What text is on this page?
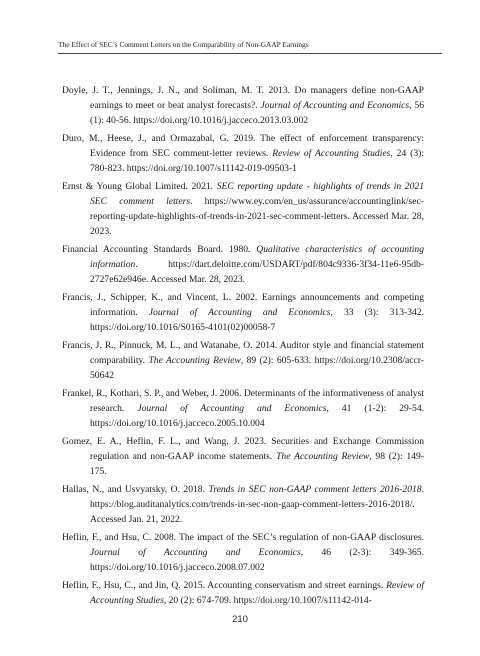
The Effect of SEC’s Comment Letters on the Comparability of Non-GAAP Earnings

Doyle, J. T., Jennings, J. N., and Soliman, M. T. 2013. Do managers define non-GAAP earnings to meet or beat analyst forecasts?. Journal of Accounting and Economics, 56 (1): 40-56. https://doi.org/10.1016/j.jacceco.2013.03.002

Duro, M., Heese, J., and Ormazabal, G. 2019. The effect of enforcement transparency: Evidence from SEC comment-letter reviews. Review of Accounting Studies, 24 (3): 780-823. https://doi.org/10.1007/s11142-019-09503-1

Ernst & Young Global Limited. 2021. SEC reporting update - highlights of trends in 2021 SEC comment letters. https://www.ey.com/en_us/assurance/accountinglink/sec-reporting-update-highlights-of-trends-in-2021-sec-comment-letters. Accessed Mar. 28, 2023.

Financial Accounting Standards Board. 1980. Qualitative characteristics of accounting information. https://dart.deloitte.com/USDART/pdf/804c9336-3f34-11e6-95db-2727e62e946e. Accessed Mar. 28, 2023.

Francis, J., Schipper, K., and Vincent, L. 2002. Earnings announcements and competing information. Journal of Accounting and Economics, 33 (3): 313-342. https://doi.org/10.1016/S0165-4101(02)00058-7

Francis, J. R., Pinnuck, M. L., and Watanabe, O. 2014. Auditor style and financial statement comparability. The Accounting Review, 89 (2): 605-633. https://doi.org/10.2308/accr-50642

Frankel, R., Kothari, S. P., and Weber, J. 2006. Determinants of the informativeness of analyst research. Journal of Accounting and Economics, 41 (1-2): 29-54. https://doi.org/10.1016/j.jacceco.2005.10.004

Gomez, E. A., Heflin, F. L., and Wang, J. 2023. Securities and Exchange Commission regulation and non-GAAP income statements. The Accounting Review, 98 (2): 149-175.

Hallas, N., and Usvyatsky, O. 2018. Trends in SEC non-GAAP comment letters 2016-2018. https://blog.auditanalytics.com/trends-in-sec-non-gaap-comment-letters-2016-2018/. Accessed Jan. 21, 2022.

Heflin, F., and Hsu, C. 2008. The impact of the SEC’s regulation of non-GAAP disclosures. Journal of Accounting and Economics, 46 (2-3): 349-365. https://doi.org/10.1016/j.jacceco.2008.07.002

Heflin, F., Hsu, C., and Jin, Q. 2015. Accounting conservatism and street earnings. Review of Accounting Studies, 20 (2): 674-709. https://doi.org/10.1007/s11142-014-

210
